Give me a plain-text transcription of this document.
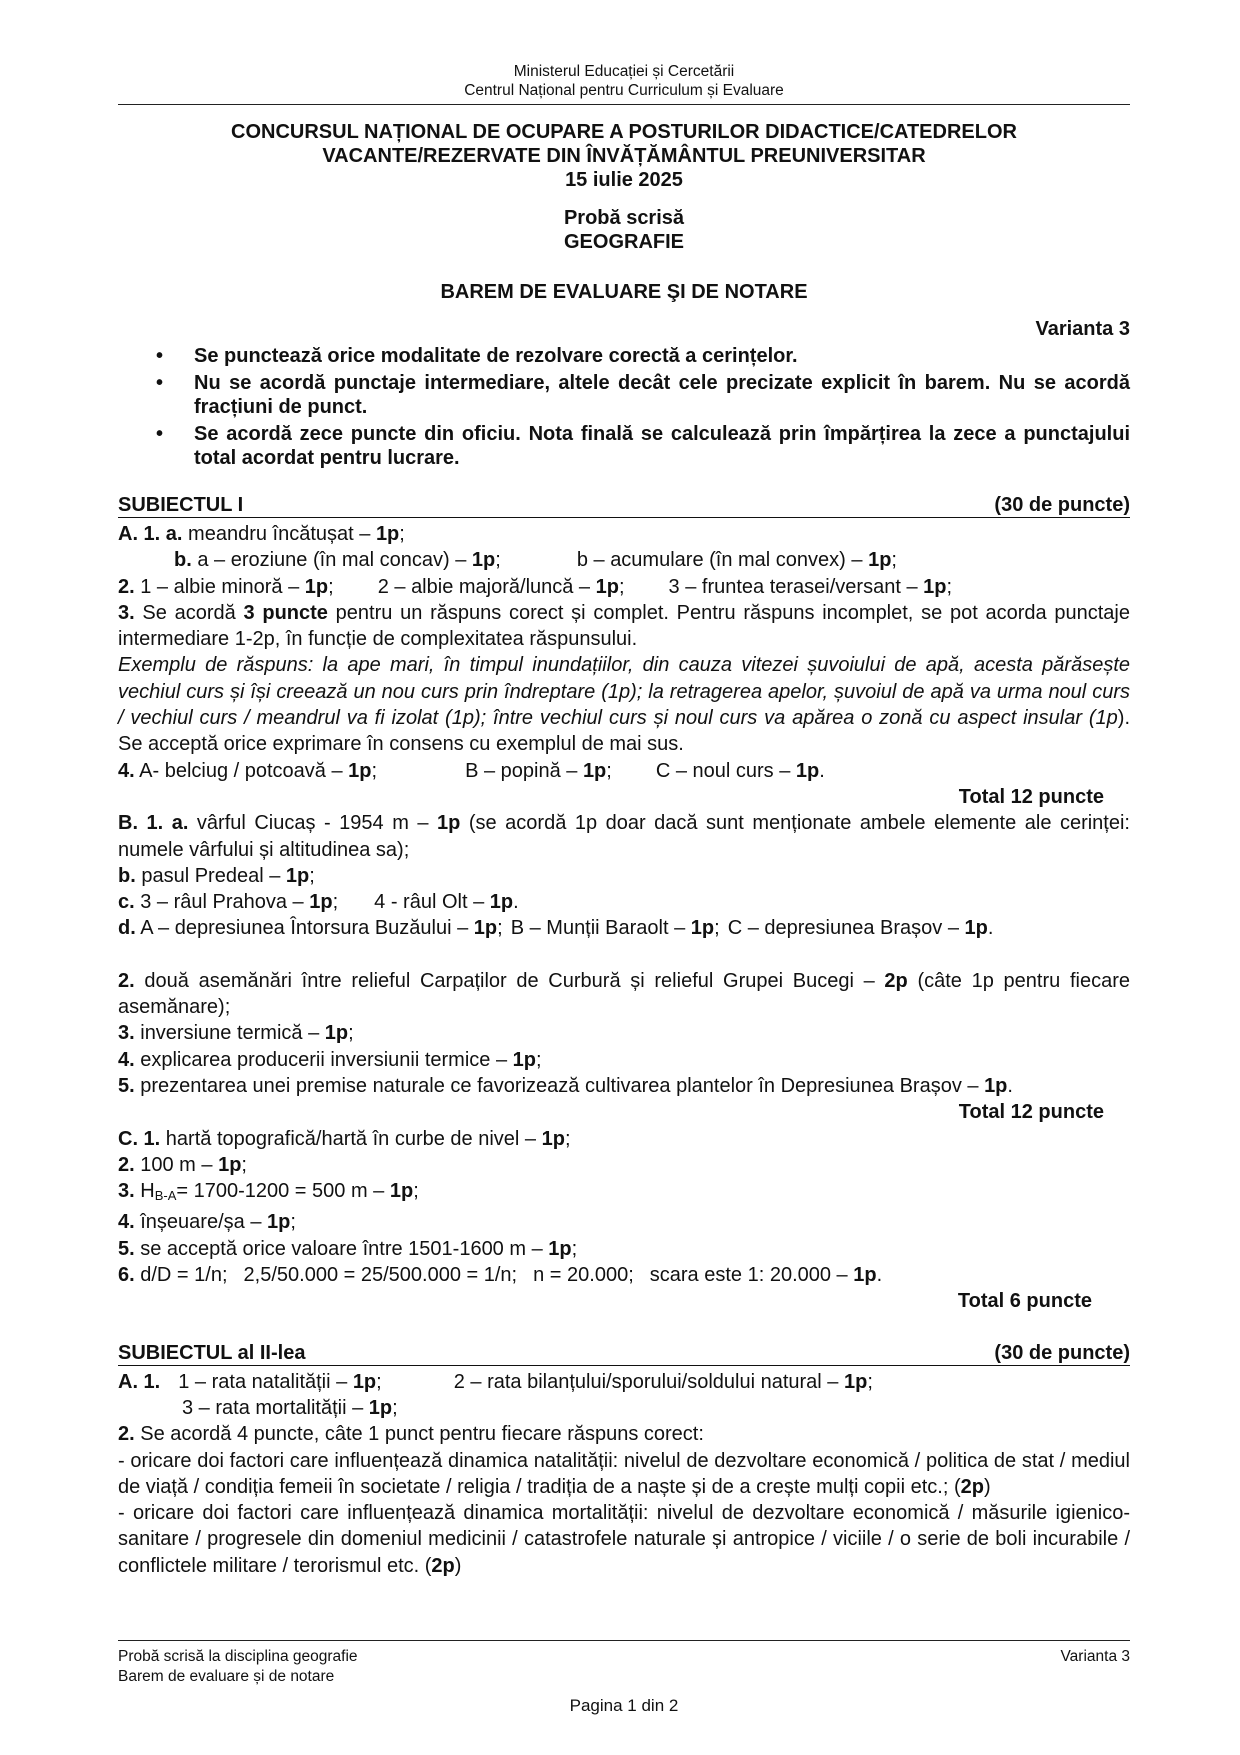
Ministerul Educației și Cercetării
Centrul Național pentru Curriculum și Evaluare
CONCURSUL NAȚIONAL DE OCUPARE A POSTURILOR DIDACTICE/CATEDRELOR
VACANTE/REZERVATE DIN ÎNVĂȚĂMÂNTUL PREUNIVERSITAR
15 iulie 2025
Probă scrisă
GEOGRAFIE
BAREM DE EVALUARE ŞI DE NOTARE
Varianta 3
• Se punctează orice modalitate de rezolvare corectă a cerințelor.
• Nu se acordă punctaje intermediare, altele decât cele precizate explicit în barem. Nu se acordă fracțiuni de punct.
• Se acordă zece puncte din oficiu. Nota finală se calculează prin împărțirea la zece a punctajului total acordat pentru lucrare.
SUBIECTUL I	(30 de puncte)
A. 1. a. meandru încătușat – 1p;
b. a – eroziune (în mal concav) – 1p;	b – acumulare (în mal convex) – 1p;
2. 1 – albie minoră – 1p; 2 – albie majoră/luncă – 1p; 3 – fruntea terasei/versant – 1p;
3. Se acordă 3 puncte pentru un răspuns corect și complet. Pentru răspuns incomplet, se pot acorda punctaje intermediare 1-2p, în funcție de complexitatea răspunsului.
Exemplu de răspuns: la ape mari, în timpul inundațiilor, din cauza vitezei șuvoiului de apă, acesta părăsește vechiul curs și își creează un nou curs prin îndreptare (1p); la retragerea apelor, șuvoiul de apă va urma noul curs / vechiul curs / meandrul va fi izolat (1p); între vechiul curs și noul curs va apărea o zonă cu aspect insular (1p). Se acceptă orice exprimare în consens cu exemplul de mai sus.
4. A- belciug / potcoavă – 1p;	B – popină – 1p; C – noul curs – 1p.
Total 12 puncte
B. 1. a. vârful Ciucaș - 1954 m – 1p (se acordă 1p doar dacă sunt menționate ambele elemente ale cerinței: numele vârfului și altitudinea sa);
b. pasul Predeal – 1p;
c. 3 – râul Prahova – 1p; 4 - râul Olt – 1p.
d. A – depresiunea Întorsura Buzăului – 1p; B – Munții Baraolt – 1p; C – depresiunea Brașov – 1p.
2. două asemănări între relieful Carpaților de Curbură și relieful Grupei Bucegi – 2p (câte 1p pentru fiecare asemănare);
3. inversiune termică – 1p;
4. explicarea producerii inversiunii termice – 1p;
5. prezentarea unei premise naturale ce favorizează cultivarea plantelor în Depresiunea Brașov – 1p.
Total 12 puncte
C. 1. hartă topografică/hartă în curbe de nivel – 1p;
2. 100 m – 1p;
3. $H_{B-A}= 1700-1200 = 500$ m – 1p;
4. înșeuare/șa – 1p;
5. se acceptă orice valoare între 1501-1600 m – 1p;
6. d/D = 1/n; 2,5/50.000 = 25/500.000 = 1/n; n = 20.000; scara este 1: 20.000 – 1p.
Total 6 puncte
SUBIECTUL al II-lea	(30 de puncte)
A. 1. 1 – rata natalității – 1p;	2 – rata bilanțului/sporului/soldului natural – 1p;
3 – rata mortalității – 1p;
2. Se acordă 4 puncte, câte 1 punct pentru fiecare răspuns corect:
- oricare doi factori care influențează dinamica natalității: nivelul de dezvoltare economică / politica de stat / mediul de viață / condiția femeii în societate / religia / tradiția de a naște și de a crește mulți copii etc.; (2p)
- oricare doi factori care influențează dinamica mortalității: nivelul de dezvoltare economică / măsurile igienico-sanitare / progresele din domeniul medicinii / catastrofele naturale și antropice / viciile / o serie de boli incurabile / conflictele militare / terorismul etc. (2p)
Probă scrisă la disciplina geografie
Barem de evaluare și de notare
Varianta 3
Pagina 1 din 2
